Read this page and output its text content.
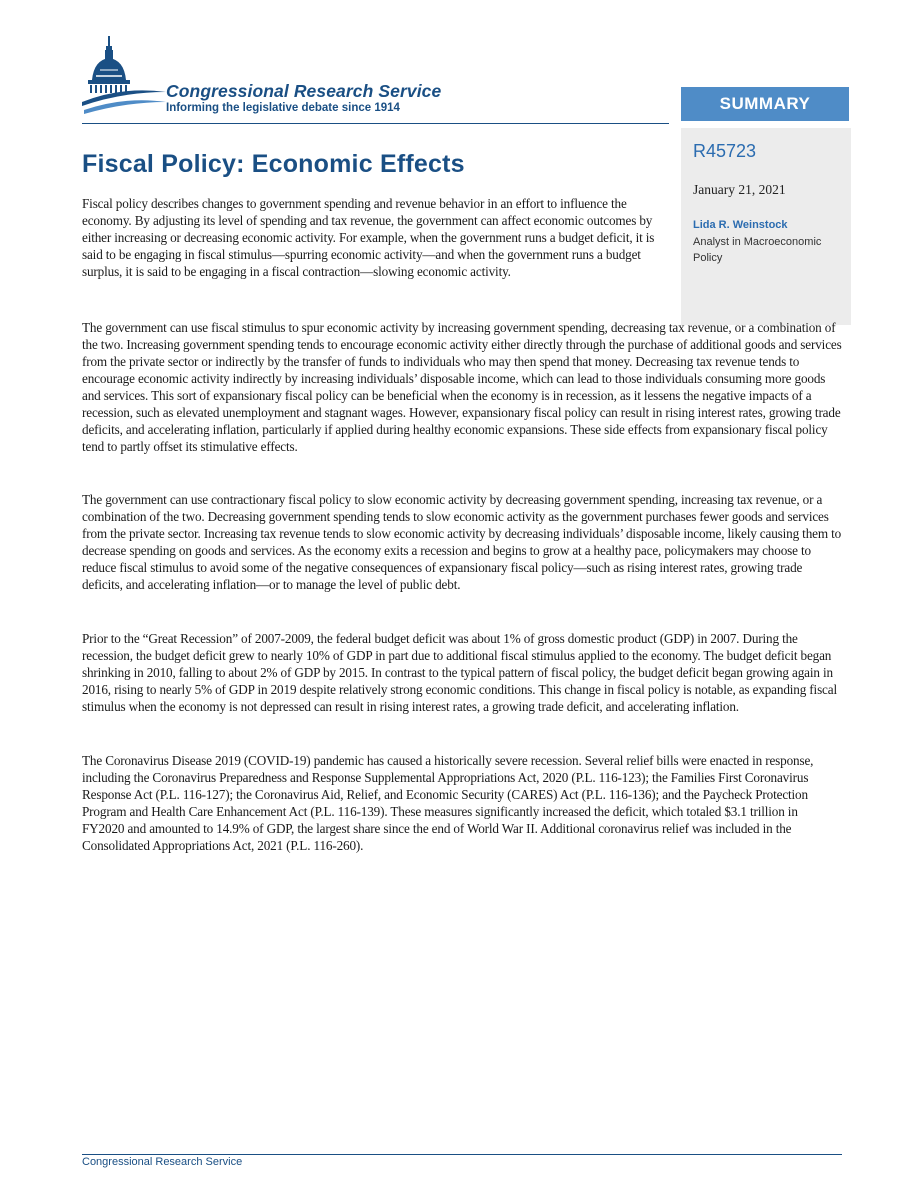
Congressional Research Service
Informing the legislative debate since 1914	SUMMARY
R45723
January 21, 2021
Lida R. Weinstock
Analyst in Macroeconomic Policy
Fiscal Policy: Economic Effects

Fiscal policy describes changes to government spending and revenue behavior in an effort to influence the economy. By adjusting its level of spending and tax revenue, the government can affect economic outcomes by either increasing or decreasing economic activity. For example, when the government runs a budget deficit, it is said to be engaging in fiscal stimulus—spurring economic activity—and when the government runs a budget surplus, it is said to be engaging in a fiscal contraction—slowing economic activity.

The government can use fiscal stimulus to spur economic activity by increasing government spending, decreasing tax revenue, or a combination of the two. Increasing government spending tends to encourage economic activity either directly through the purchase of additional goods and services from the private sector or indirectly by the transfer of funds to individuals who may then spend that money. Decreasing tax revenue tends to encourage economic activity indirectly by increasing individuals’ disposable income, which can lead to those individuals consuming more goods and services. This sort of expansionary fiscal policy can be beneficial when the economy is in recession, as it lessens the negative impacts of a recession, such as elevated unemployment and stagnant wages. However, expansionary fiscal policy can result in rising interest rates, growing trade deficits, and accelerating inflation, particularly if applied during healthy economic expansions. These side effects from expansionary fiscal policy tend to partly offset its stimulative effects.

The government can use contractionary fiscal policy to slow economic activity by decreasing government spending, increasing tax revenue, or a combination of the two. Decreasing government spending tends to slow economic activity as the government purchases fewer goods and services from the private sector. Increasing tax revenue tends to slow economic activity by decreasing individuals’ disposable income, likely causing them to decrease spending on goods and services. As the economy exits a recession and begins to grow at a healthy pace, policymakers may choose to reduce fiscal stimulus to avoid some of the negative consequences of expansionary fiscal policy—such as rising interest rates, growing trade deficits, and accelerating inflation—or to manage the level of public debt.

Prior to the “Great Recession” of 2007-2009, the federal budget deficit was about 1% of gross domestic product (GDP) in 2007. During the recession, the budget deficit grew to nearly 10% of GDP in part due to additional fiscal stimulus applied to the economy. The budget deficit began shrinking in 2010, falling to about 2% of GDP by 2015. In contrast to the typical pattern of fiscal policy, the budget deficit began growing again in 2016, rising to nearly 5% of GDP in 2019 despite relatively strong economic conditions. This change in fiscal policy is notable, as expanding fiscal stimulus when the economy is not depressed can result in rising interest rates, a growing trade deficit, and accelerating inflation.

The Coronavirus Disease 2019 (COVID-19) pandemic has caused a historically severe recession. Several relief bills were enacted in response, including the Coronavirus Preparedness and Response Supplemental Appropriations Act, 2020 (P.L. 116-123); the Families First Coronavirus Response Act (P.L. 116-127); the Coronavirus Aid, Relief, and Economic Security (CARES) Act (P.L. 116-136); and the Paycheck Protection Program and Health Care Enhancement Act (P.L. 116-139). These measures significantly increased the deficit, which totaled $3.1 trillion in FY2020 and amounted to 14.9% of GDP, the largest share since the end of World War II. Additional coronavirus relief was included in the Consolidated Appropriations Act, 2021 (P.L. 116-260).

Congressional Research Service
